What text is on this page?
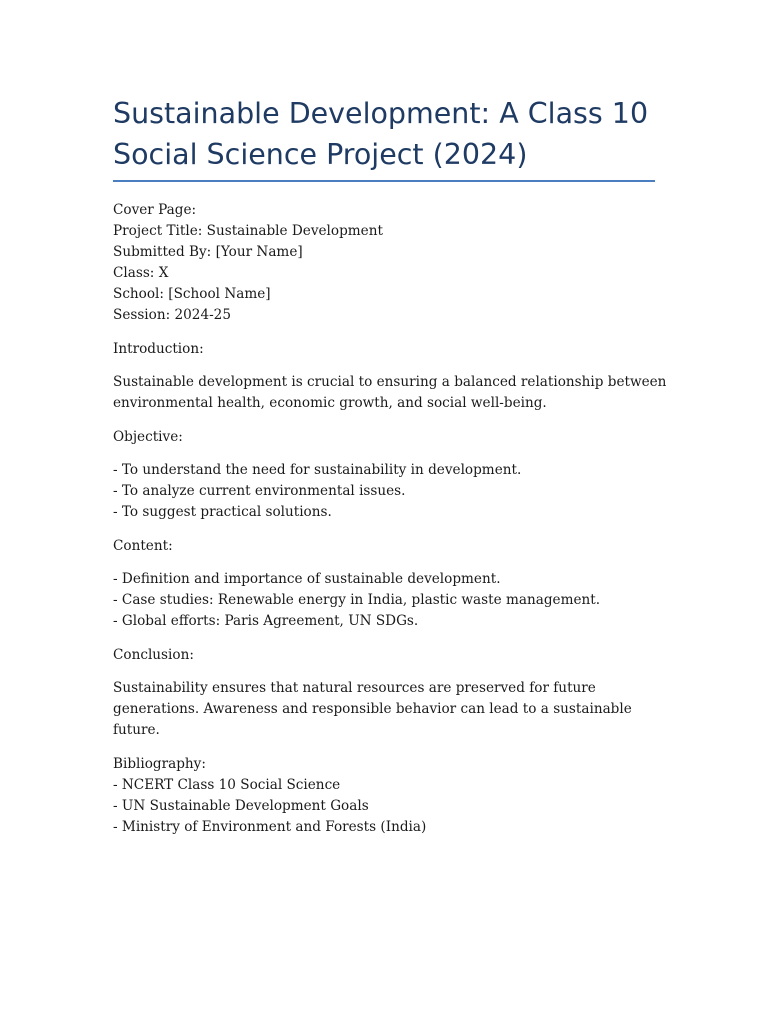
Sustainable Development: A Class 10 Social Science Project (2024)
Cover Page:
Project Title: Sustainable Development
Submitted By: [Your Name]
Class: X
School: [School Name]
Session: 2024-25
Introduction:
Sustainable development is crucial to ensuring a balanced relationship between environmental health, economic growth, and social well-being.
Objective:
- To understand the need for sustainability in development.
- To analyze current environmental issues.
- To suggest practical solutions.
Content:
- Definition and importance of sustainable development.
- Case studies: Renewable energy in India, plastic waste management.
- Global efforts: Paris Agreement, UN SDGs.
Conclusion:
Sustainability ensures that natural resources are preserved for future generations. Awareness and responsible behavior can lead to a sustainable future.
Bibliography:
- NCERT Class 10 Social Science
- UN Sustainable Development Goals
- Ministry of Environment and Forests (India)
